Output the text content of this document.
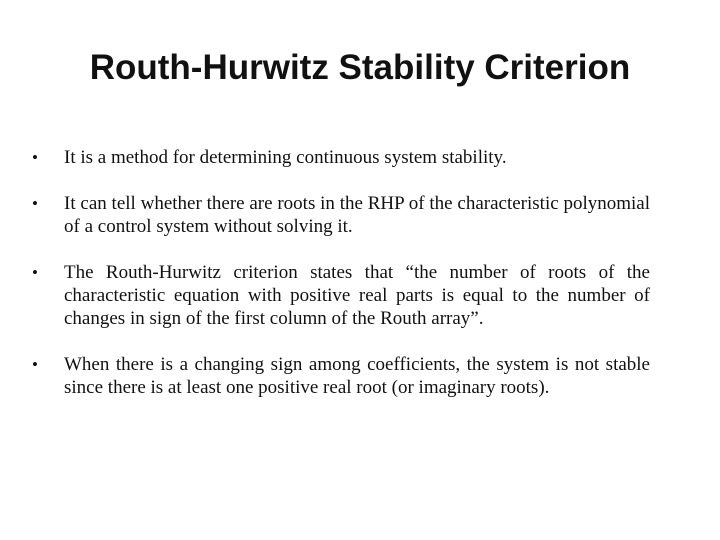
Routh-Hurwitz Stability Criterion
• It is a method for determining continuous system stability.
• It can tell whether there are roots in the RHP of the characteristic polynomial of a control system without solving it.
• The Routh-Hurwitz criterion states that “the number of roots of the characteristic equation with positive real parts is equal to the number of changes in sign of the first column of the Routh array”.
• When there is a changing sign among coefficients, the system is not stable since there is at least one positive real root (or imaginary roots).
